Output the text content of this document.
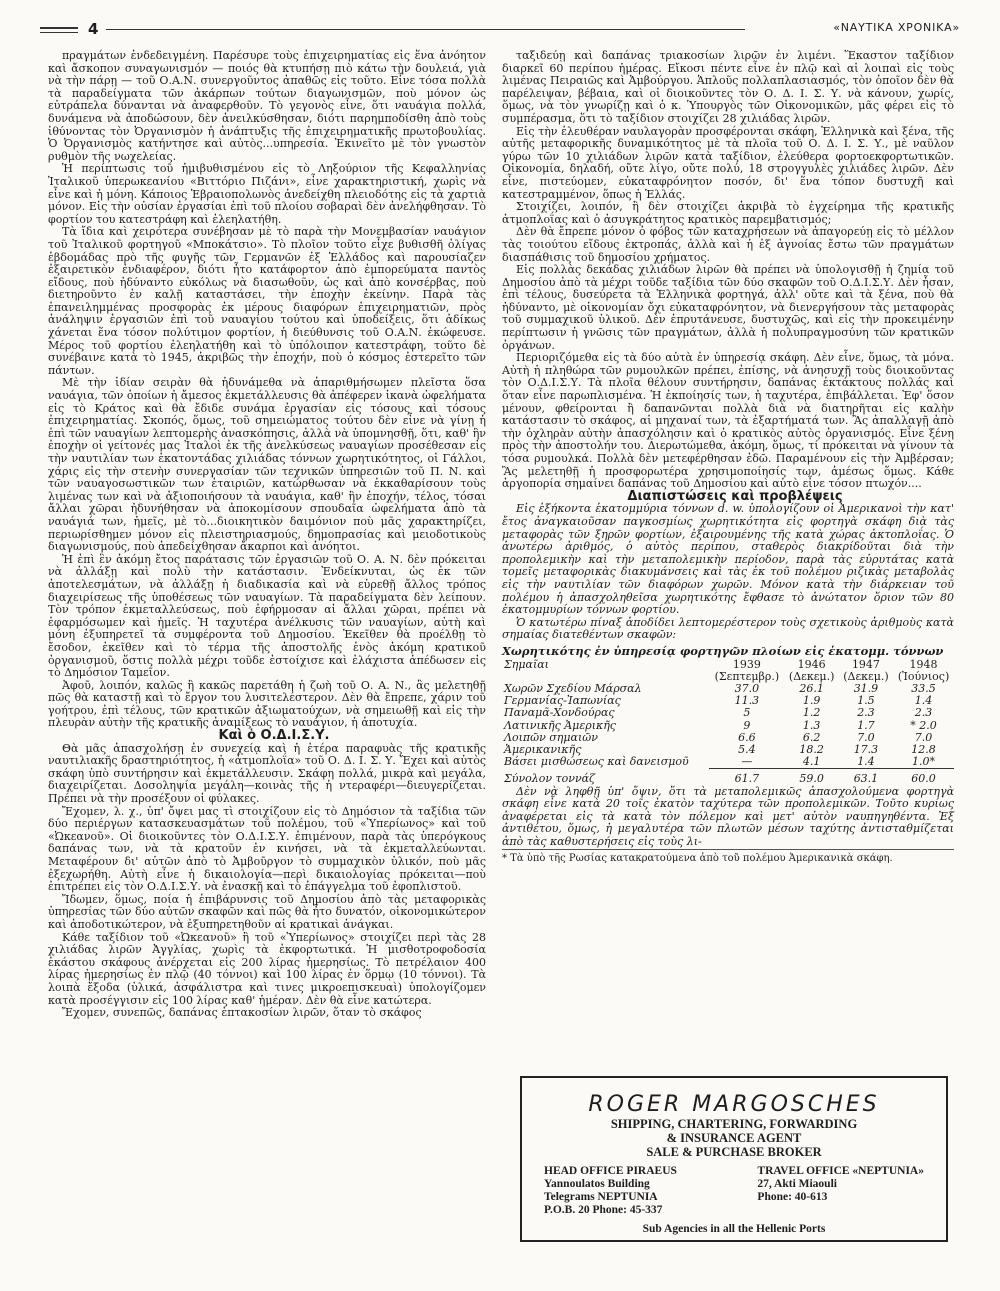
4	«ΝΑΥΤΙΚΑ ΧΡΟΝΙΚΑ»

πραγμάτων ἐνδεδειγμένη. Παρέσυρε τοὺς ἐπιχειρηματίας εἰς ἕνα ἀνόητον καὶ ἄσκοπον συναγωνισμόν — ποιός θὰ κτυπήσῃ πιὸ κάτω τὴν δουλειά, γιὰ νὰ τὴν πάρῃ — τοῦ Ο.Α.Ν. συνεργοῦντος ἀπαθῶς εἰς τοῦτο. Εἶνε τόσα πολλὰ τὰ παραδείγματα τῶν ἀκάρπων τούτων διαγωνισμῶν, ποὺ μόνον ὡς εὐτράπελα δύνανται νὰ ἀναφερθοῦν. Τὸ γεγονὸς εἶνε, ὅτι ναυάγια πολλά, δυνάμενα νὰ ἀποδώσουν, δὲν ἀνειλκύσθησαν, διότι παρημποδίσθη ἀπὸ τοὺς ἰθύνοντας τὸν Ὀργανισμὸν ἡ ἀνάπτυξις τῆς ἐπιχειρηματικῆς πρωτοβουλίας. Ὁ Ὀργανισμὸς κατήντησε καὶ αὐτὸς...υπηρεσία. Ἐκινεῖτο μὲ τὸν γνωστὸν ρυθμὸν τῆς νωχελείας.

Ἡ περίπτωσις τοῦ ἡμιβυθισμένου εἰς τὸ Ληξούριον τῆς Κεφαλληνίας Ἰταλικοῦ ὑπερωκεανίου «Βιττόριο Πιζάνι», εἶνε χαρακτηριστική, χωρὶς νὰ εἶνε καὶ ἡ μόνη. Κάποιος Ἑβραιοπολωνὸς ἀνεδείχθη πλειοδότης εἰς τὰ χαρτιὰ μόνον. Εἰς τὴν οὐσίαν ἐργασίαι ἐπὶ τοῦ πλοίου σοβαραὶ δὲν ἀνελήφθησαν. Τὸ φορτίον του κατεστράφη καὶ ἐλεηλατήθη.

Τὰ ἴδια καὶ χειρότερα συνέβησαν μὲ τὸ παρὰ τὴν Μονεμβασίαν ναυάγιον τοῦ Ἰταλικοῦ φορτηγοῦ «Μποκάτσιο». Τὸ πλοῖον τοῦτο εἶχε βυθισθῆ ὀλίγας ἑβδομάδας πρὸ τῆς φυγῆς τῶν Γερμανῶν ἐξ Ἑλλάδος καὶ παρουσίαζεν ἐξαιρετικὸν ἐνδιαφέρον, διότι ἦτο κατάφορτον ἀπὸ ἐμπορεύματα παντὸς εἴδους, ποὺ ἠδύναντο εὐκόλως νὰ διασωθοῦν, ὡς καὶ ἀπὸ κονσέρβας, ποὺ διετηροῦντο ἐν καλῇ καταστάσει, τὴν ἐποχὴν ἐκείνην. Παρὰ τὰς ἐπανειλημμένας προσφορὰς ἐκ μέρους διαφόρων ἐπιχειρηματιῶν, πρὸς ἀνάληψιν ἐργασιῶν ἐπὶ τοῦ ναυαγίου τούτου καὶ ὑποδείξεις, ὅτι ἀδίκως χάνεται ἕνα τόσον πολύτιμον φορτίον, ἡ διεύθυνσις τοῦ Ο.Α.Ν. ἐκώφευσε. Μέρος τοῦ φορτίου ἐλεηλατήθη καὶ τὸ ὑπόλοιπον κατεστράφη, τοῦτο δὲ συνέβαινε κατὰ τὸ 1945, ἀκριβῶς τὴν ἐποχήν, ποὺ ὁ κόσμος ἐστερεῖτο τῶν πάντων.

Μὲ τὴν ἰδίαν σειρὰν θὰ ἠδυνάμεθα νὰ ἀπαριθμήσωμεν πλεῖστα ὅσα ναυάγια, τῶν ὁποίων ἡ ἄμεσος ἐκμετάλλευσις θὰ ἀπέφερεν ἱκανὰ ὠφελήματα εἰς τὸ Κράτος καὶ θὰ ἔδιδε συνάμα ἐργασίαν εἰς τόσους καὶ τόσους ἐπιχειρηματίας. Σκοπός, ὅμως, τοῦ σημειώματος τούτου δὲν εἶνε νὰ γίνῃ ἡ ἐπὶ τῶν ναυαγίων λεπτομερὴς ἀνασκόπησις, ἀλλὰ νὰ ὑπομνησθῇ, ὅτι, καθ' ἣν ἐποχὴν οἱ γείτονές μας Ἰταλοὶ ἐκ τῆς ἀνελκύσεως ναυαγίων προσέθεσαν εἰς τὴν ναυτιλίαν των ἑκατοντάδας χιλιάδας τόννων χωρητικότητος, οἱ Γάλλοι, χάρις εἰς τὴν στενὴν συνεργασίαν τῶν τεχνικῶν ὑπηρεσιῶν τοῦ Π. Ν. καὶ τῶν ναυαγοσωστικῶν των ἑταιριῶν, κατώρθωσαν νὰ ἐκκαθαρίσουν τοὺς λιμένας των καὶ νὰ ἀξιοποιήσουν τὰ ναυάγια, καθ' ἣν ἐποχήν, τέλος, τόσαι ἄλλαι χῶραι ἠδυνήθησαν νὰ ἀποκομίσουν σπουδαῖα ὠφελήματα ἀπὸ τὰ ναυάγιά των, ἡμεῖς, μὲ τὸ...διοικητικὸν δαιμόνιον ποὺ μᾶς χαρακτηρίζει, περιωρίσθημεν μόνον εἰς πλειστηριασμούς, δημοπρασίας καὶ μειοδοτικοὺς διαγωνισμούς, ποὺ ἀπεδείχθησαν ἄκαρποι καὶ ἀνόητοι.

Ἡ ἐπὶ ἓν ἀκόμη ἔτος παράτασις τῶν ἐργασιῶν τοῦ Ο. Α. Ν. δὲν πρόκειται νὰ ἀλλάξῃ καὶ πολὺ τὴν κατάστασιν. Ἐνδείκνυται, ὡς ἐκ τῶν ἀποτελεσμάτων, νὰ ἀλλάξῃ ἡ διαδικασία καὶ νὰ εὑρεθῇ ἄλλος τρόπος διαχειρίσεως τῆς ὑποθέσεως τῶν ναυαγίων. Τὰ παραδείγματα δὲν λείπουν. Τὸν τρόπον ἐκμεταλλεύσεως, ποὺ ἐφήρμοσαν αἱ ἄλλαι χῶραι, πρέπει νὰ ἐφαρμόσωμεν καὶ ἡμεῖς. Ἡ ταχυτέρα ἀνέλκυσις τῶν ναυαγίων, αὐτὴ καὶ μόνη ἐξυπηρετεῖ τὰ συμφέροντα τοῦ Δημοσίου. Ἐκεῖθεν θὰ προέλθῃ τὸ ἔσοδον, ἐκεῖθεν καὶ τὸ τέρμα τῆς ἀποστολῆς ἑνὸς ἀκόμη κρατικοῦ ὀργανισμοῦ, ὅστις πολλὰ μέχρι τοῦδε ἐστοίχισε καὶ ἐλάχιστα ἀπέδωσεν εἰς τὸ Δημόσιον Ταμεῖον.

Ἀφοῦ, λοιπόν, καλῶς ἢ κακῶς παρετάθη ἡ ζωὴ τοῦ Ο. Α. Ν., ἂς μελετηθῇ πῶς θὰ καταστῇ καὶ τὸ ἔργον του λυσιτελέστερον. Δὲν θὰ ἔπρεπε, χάριν τοῦ γοήτρου, ἐπὶ τέλους, τῶν κρατικῶν ἀξιωματούχων, νὰ σημειωθῇ καὶ εἰς τὴν πλευρὰν αὐτὴν τῆς κρατικῆς ἀναμίξεως τὸ ναυάγιον, ἡ ἀποτυχία.

Καὶ ὁ Ο.Δ.Ι.Σ.Υ.

Θὰ μᾶς ἀπασχολήσῃ ἐν συνεχείᾳ καὶ ἡ ἑτέρα παραφυὰς τῆς κρατικῆς ναυτιλιακῆς δραστηριότητος, ἡ «ἀτμοπλοΐα» τοῦ Ο. Δ. Ι. Σ. Υ. Ἔχει καὶ αὐτὸς σκάφη ὑπὸ συντήρησιν καὶ ἐκμετάλλευσιν. Σκάφη πολλά, μικρὰ καὶ μεγάλα, διαχειρίζεται. Δοσοληψία μεγάλη—κοινὰς τῆς ἡ ντεραφέρι—διευγερίζεται. Πρέπει νὰ τὴν προσέξουν οἱ φύλακες.

Ἔχομεν, λ. χ., ὑπ' ὄψει μας τὶ στοιχίζουν εἰς τὸ Δημόσιον τὰ ταξίδια τῶν δύο περιέργων κατασκευασμάτων τοῦ πολέμου, τοῦ «Ὑπερίωνος» καὶ τοῦ «Ὠκεανοῦ». Οἱ διοικοῦντες τὸν Ο.Δ.Ι.Σ.Υ. ἐπιμένουν, παρὰ τὰς ὑπερόγκους δαπάνας των, νὰ τὰ κρατοῦν ἐν κινήσει, νὰ τὰ ἐκμεταλλεύωνται. Μεταφέρουν δι' αὐτῶν ἀπὸ τὸ Ἀμβοῦργον τὸ συμμαχικὸν ὑλικόν, ποὺ μᾶς ἐξεχωρήθη. Αὐτὴ εἶνε ἡ δικαιολογία—περὶ δικαιολογίας πρόκειται—ποὺ ἐπιτρέπει εἰς τὸν Ο.Δ.Ι.Σ.Υ. νὰ ἐνασκῇ καὶ τὸ ἐπάγγελμα τοῦ ἐφοπλιστοῦ.

Ἴδωμεν, ὅμως, ποία ἡ ἐπιβάρυνσις τοῦ Δημοσίου ἀπὸ τὰς μεταφορικὰς ὑπηρεσίας τῶν δύο αὐτῶν σκαφῶν καὶ πῶς θὰ ἦτο δυνατόν, οἰκονομικώτερον καὶ ἀποδοτικώτερον, νὰ ἐξυπηρετηθοῦν αἱ κρατικαὶ ἀνάγκαι.

Κάθε ταξίδιον τοῦ «Ὠκεανοῦ» ἢ τοῦ «Ὑπερίωνος» στοιχίζει περὶ τὰς 28 χιλιάδας λιρῶν Ἀγγλίας, χωρὶς τὰ ἐκφορτωτικά. Ἡ μισθοτροφοδοσία ἑκάστου σκάφους ἀνέρχεται εἰς 200 λίρας ἡμερησίως. Τὸ πετρέλαιον 400 λίρας ἡμερησίως ἐν πλῷ (40 τόννοι) καὶ 100 λίρας ἐν ὅρμῳ (10 τόννοι). Τὰ λοιπὰ ἔξοδα (ὑλικά, ἀσφάλιστρα καὶ τινες μικροεπισκευαὶ) ὑπολογίζομεν κατὰ προσέγγισιν εἰς 100 λίρας καθ' ἡμέραν. Δὲν θὰ εἶνε κατώτερα.

Ἔχομεν, συνεπῶς, δαπάνας ἑπτακοσίων λιρῶν, ὅταν τὸ σκάφος

ταξιδεύῃ καὶ δαπάνας τριακοσίων λιρῶν ἐν λιμένι. Ἕκαστον ταξίδιον διαρκεῖ 60 περίπου ἡμέρας. Εἴκοσι πέντε εἶνε ἐν πλῷ καὶ αἱ λοιπαὶ εἰς τοὺς λιμένας Πειραιῶς καὶ Ἀμβούργου. Ἁπλοῦς πολλαπλασιασμός, τὸν ὁποῖον δὲν θὰ παρέλειψαν, βέβαια, καὶ οἱ διοικοῦντες τὸν Ο. Δ. Ι. Σ. Υ. νὰ κάνουν, χωρίς, ὅμως, νὰ τὸν γνωρίζῃ καὶ ὁ κ. Ὑπουργὸς τῶν Οἰκονομικῶν, μᾶς φέρει εἰς τὸ συμπέρασμα, ὅτι τὸ ταξίδιον στοιχίζει 28 χιλιάδας λιρῶν.

Εἰς τὴν ἐλευθέραν ναυλαγορὰν προσφέρονται σκάφη, Ἑλληνικὰ καὶ ξένα, τῆς αὐτῆς μεταφορικῆς δυναμικότητος μὲ τὰ πλοῖα τοῦ Ο. Δ. Ι. Σ. Υ., μὲ ναῦλον γύρω τῶν 10 χιλιάδων λιρῶν κατὰ ταξίδιον, ἐλεύθερα φορτοεκφορτωτικῶν. Οἰκονομία, δηλαδή, οὔτε λίγο, οὔτε πολύ, 18 στρογγυλὲς χιλιάδες λιρῶν. Δὲν εἶνε, πιστεύομεν, εὐκαταφρόνητον ποσόν, δι' ἕνα τόπον δυστυχῆ καὶ κατεστραμμένον, ὅπως ἡ Ἑλλάς.

Στοιχίζει, λοιπόν, ἢ δὲν στοιχίζει ἀκριβὰ τὸ ἐγχείρημα τῆς κρατικῆς ἀτμοπλοΐας καὶ ὁ ἀσυγκράτητος κρατικὸς παρεμβατισμός;

Δὲν θὰ ἔπρεπε μόνον ὁ φόβος τῶν καταχρήσεων νὰ ἀπαγορεύῃ εἰς τὸ μέλλον τὰς τοιούτου εἴδους ἐκτροπάς, ἀλλὰ καὶ ἡ ἐξ ἀγνοίας ἔστω τῶν πραγμάτων διασπάθισις τοῦ δημοσίου χρήματος.

Εἰς πολλὰς δεκάδας χιλιάδων λιρῶν θὰ πρέπει νὰ ὑπολογισθῇ ἡ ζημία τοῦ Δημοσίου ἀπὸ τὰ μέχρι τοῦδε ταξίδια τῶν δύο σκαφῶν τοῦ Ο.Δ.Ι.Σ.Υ. Δὲν ἦσαν, ἐπὶ τέλους, δυσεύρετα τὰ Ἑλληνικὰ φορτηγά, ἀλλ' οὔτε καὶ τὰ ξένα, ποὺ θὰ ἠδύναντο, μὲ οἰκονομίαν ὄχι εὐκαταφρόνητον, νὰ διενεργήσουν τὰς μεταφορὰς τοῦ συμμαχικοῦ ὑλικοῦ. Δὲν ἐπρυτάνευσε, δυστυχῶς, καὶ εἰς τὴν προκειμένην περίπτωσιν ἡ γνῶσις τῶν πραγμάτων, ἀλλὰ ἡ πολυπραγμοσύνη τῶν κρατικῶν ὀργάνων.

Περιοριζόμεθα εἰς τὰ δύο αὐτὰ ἐν ὑπηρεσίᾳ σκάφη. Δὲν εἶνε, ὅμως, τὰ μόνα. Αὐτὴ ἡ πληθώρα τῶν ρυμουλκῶν πρέπει, ἐπίσης, νὰ ἀνησυχῇ τοὺς διοικοῦντας τὸν Ο.Δ.Ι.Σ.Υ. Τὰ πλοῖα θέλουν συντήρησιν, δαπάνας ἐκτάκτους πολλάς καὶ ὅταν εἶνε παρωπλισμένα. Ἡ ἐκποίησίς των, ἡ ταχυτέρα, ἐπιβάλλεται. Ἐφ' ὅσον μένουν, φθείρονται ἢ δαπανῶνται πολλὰ διὰ νὰ διατηρῆται εἰς καλὴν κατάστασιν τὸ σκάφος, αἱ μηχαναί των, τὰ ἐξαρτήματά των. Ἂς ἀπαλλαγῇ ἀπὸ τὴν ὀχληρὰν αὐτὴν ἀπασχόλησιν καὶ ὁ κρατικὸς αὐτὸς ὀργανισμός. Εἶνε ξένη πρὸς τὴν ἀποστολήν του. Διερωτώμεθα, ἀκόμη, ὅμως, τί πρόκειται νὰ γίνουν τὰ τόσα ρυμουλκά. Πολλὰ δὲν μετεφέρθησαν ἐδῶ. Παραμένουν εἰς τὴν Ἀμβέρσαν; Ἂς μελετηθῇ ἡ προσφορωτέρα χρησιμοποίησίς των, ἀμέσως ὅμως. Κάθε ἀργοπορία σημαίνει δαπάνας τοῦ Δημοσίου καὶ αὐτὸ εἶνε τόσον πτωχόν....

Διαπιστώσεις καὶ προβλέψεις

Εἰς ἑξήκοντα ἑκατομμύρια τόννων d. w. ὑπολογίζουν οἱ Ἀμερικανοὶ τὴν κατ' ἔτος ἀναγκαιοῦσαν παγκοσμίως χωρητικότητα εἰς φορτηγὰ σκάφη διὰ τὰς μεταφορὰς τῶν ξηρῶν φορτίων, ἐξαιρουμένης τῆς κατὰ χώρας ἀκτοπλοΐας. Ὁ ἀνωτέρω ἀριθμός, ὁ αὐτὸς περίπου, σταθερὸς διακρίδοῦται διὰ τὴν προπολεμικὴν καὶ τὴν μεταπολεμικὴν περίοδον, παρὰ τὰς εὐρυτάτας κατὰ τομεῖς μεταφορικὰς διακυμάνσεις καὶ τὰς ἐκ τοῦ πολέμου ριζικὰς μεταβολὰς εἰς τὴν ναυτιλίαν τῶν διαφόρων χωρῶν. Μόνον κατὰ τὴν διάρκειαν τοῦ πολέμου ἡ ἀπασχοληθεῖσα χωρητικότης ἔφθασε τὸ ἀνώτατον ὅριον τῶν 80 ἑκατομμυρίων τόννων φορτίου.

Ὁ κατωτέρω πίναξ ἀποδίδει λεπτομερέστερον τοὺς σχετικοὺς ἀριθμοὺς κατὰ σημαίας διατεθέντων σκαφῶν:

Χωρητικότης ἐν ὑπηρεσίᾳ φορτηγῶν πλοίων εἰς ἑκατομμ. τόννων
Σημαῖαι	1939	1946	1947	1948
	(Σεπτεμβρ.)	(Δεκεμ.)	(Δεκεμ.)	(Ἰούνιος)
Χωρῶν Σχεδίου Μάρσαλ	37.0	26.1	31.9	33.5
Γερμανίας-Ἰαπωνίας	11.3	1.9	1.5	1.4
Παναμᾶ-Χονδούρας	5	1.2	2.3	2.3
Λατινικῆς Ἀμερικῆς	9	1.3	1.7	* 2.0
Λοιπῶν σημαιῶν	6.6	6.2	7.0	7.0
Ἀμερικανικῆς	5.4	18.2	17.3	12.8
Βάσει μισθώσεως καὶ δανεισμοῦ	—	4.1	1.4	1.0*
Σύνολον τοννάζ	61.7	59.0	63.1	60.0

Δὲν νὰ ληφθῇ ὑπ' ὄψιν, ὅτι τὰ μεταπολεμικῶς ἀπασχολούμενα φορτηγὰ σκάφη εἶνε κατὰ 20 τοῖς ἑκατὸν ταχύτερα τῶν προπολεμικῶν. Τοῦτο κυρίως ἀναφέρεται εἰς τὰ κατὰ τὸν πόλεμον καὶ μετ' αὐτὸν ναυπηγηθέντα. Ἐξ ἀντιθέτου, ὅμως, ἡ μεγαλυτέρα τῶν πλωτῶν μέσων ταχύτης ἀντισταθμίζεται ἀπὸ τὰς καθυστερήσεις εἰς τοὺς λι-

* Τὰ ὑπὸ τῆς Ρωσίας κατακρατούμενα ἀπὸ τοῦ πολέμου Ἀμερικανικὰ σκάφη.

ROGER MARGOSCHES
SHIPPING, CHARTERING, FORWARDING
& INSURANCE AGENT
SALE & PURCHASE BROKER
HEAD OFFICE PIRAEUS
Yannoulatos Building
Telegrams NEPTUNIA
P.O.B. 20 Phone: 45-337
TRAVEL OFFICE «NEPTUNIA»
27, Akti Miaouli
Phone: 40-613
Sub Agencies in all the Hellenic Ports
